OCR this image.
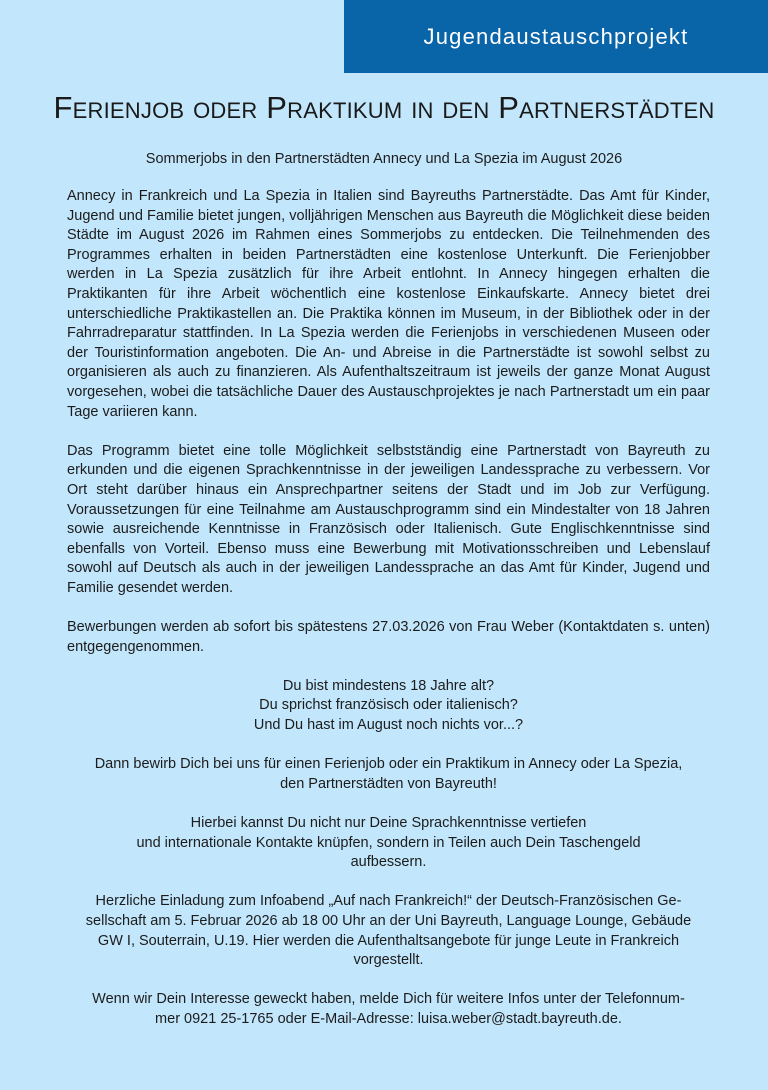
Jugendaustauschprojekt
Ferienjob oder Praktikum in den Partnerstädten
Sommerjobs in den Partnerstädten Annecy und La Spezia im August 2026

Annecy in Frankreich und La Spezia in Italien sind Bayreuths Partnerstädte. Das Amt für Kinder, Jugend und Familie bietet jungen, volljährigen Menschen aus Bayreuth die Möglichkeit diese beiden Städte im August 2026 im Rahmen eines Sommerjobs zu entdecken. Die Teilnehmenden des Programmes erhalten in beiden Partnerstädten eine kostenlose Unterkunft. Die Ferienjobber werden in La Spezia zusätzlich für ihre Arbeit entlohnt. In Annecy hingegen erhalten die Praktikanten für ihre Arbeit wöchentlich eine kostenlose Einkaufskarte. Annecy bietet drei unterschiedliche Praktikastellen an. Die Praktika können im Museum, in der Bibliothek oder in der Fahrradreparatur stattfinden. In La Spezia werden die Ferienjobs in verschiedenen Museen oder der Touristinformation angeboten. Die An- und Abreise in die Partnerstädte ist sowohl selbst zu organisieren als auch zu finanzieren. Als Aufenthaltszeitraum ist jeweils der ganze Monat August vorgesehen, wobei die tatsächliche Dauer des Austauschprojektes je nach Partnerstadt um ein paar Tage variieren kann.

Das Programm bietet eine tolle Möglichkeit selbstständig eine Partnerstadt von Bayreuth zu erkunden und die eigenen Sprachkenntnisse in der jeweiligen Landessprache zu verbessern. Vor Ort steht darüber hinaus ein Ansprechpartner seitens der Stadt und im Job zur Verfügung. Voraussetzungen für eine Teilnahme am Austauschprogramm sind ein Mindestalter von 18 Jahren sowie ausreichende Kenntnisse in Französisch oder Italienisch. Gute Englischkenntnisse sind ebenfalls von Vorteil. Ebenso muss eine Bewerbung mit Motivationsschreiben und Lebenslauf sowohl auf Deutsch als auch in der jeweiligen Landessprache an das Amt für Kinder, Jugend und Familie gesendet werden.

Bewerbungen werden ab sofort bis spätestens 27.03.2026 von Frau Weber (Kontaktdaten s. unten) entgegengenommen.

Du bist mindestens 18 Jahre alt?
Du sprichst französisch oder italienisch?
Und Du hast im August noch nichts vor...?

Dann bewirb Dich bei uns für einen Ferienjob oder ein Praktikum in Annecy oder La Spezia,
den Partnerstädten von Bayreuth!

Hierbei kannst Du nicht nur Deine Sprachkenntnisse vertiefen
und internationale Kontakte knüpfen, sondern in Teilen auch Dein Taschengeld
aufbessern.

Herzliche Einladung zum Infoabend „Auf nach Frankreich!“ der Deutsch-Französischen Ge-
sellschaft am 5. Februar 2026 ab 18 00 Uhr an der Uni Bayreuth, Language Lounge, Gebäude
GW I, Souterrain, U.19. Hier werden die Aufenthaltsangebote für junge Leute in Frankreich
vorgestellt.

Wenn wir Dein Interesse geweckt haben, melde Dich für weitere Infos unter der Telefonnum-
mer 0921 25-1765 oder E-Mail-Adresse: luisa.weber@stadt.bayreuth.de.
